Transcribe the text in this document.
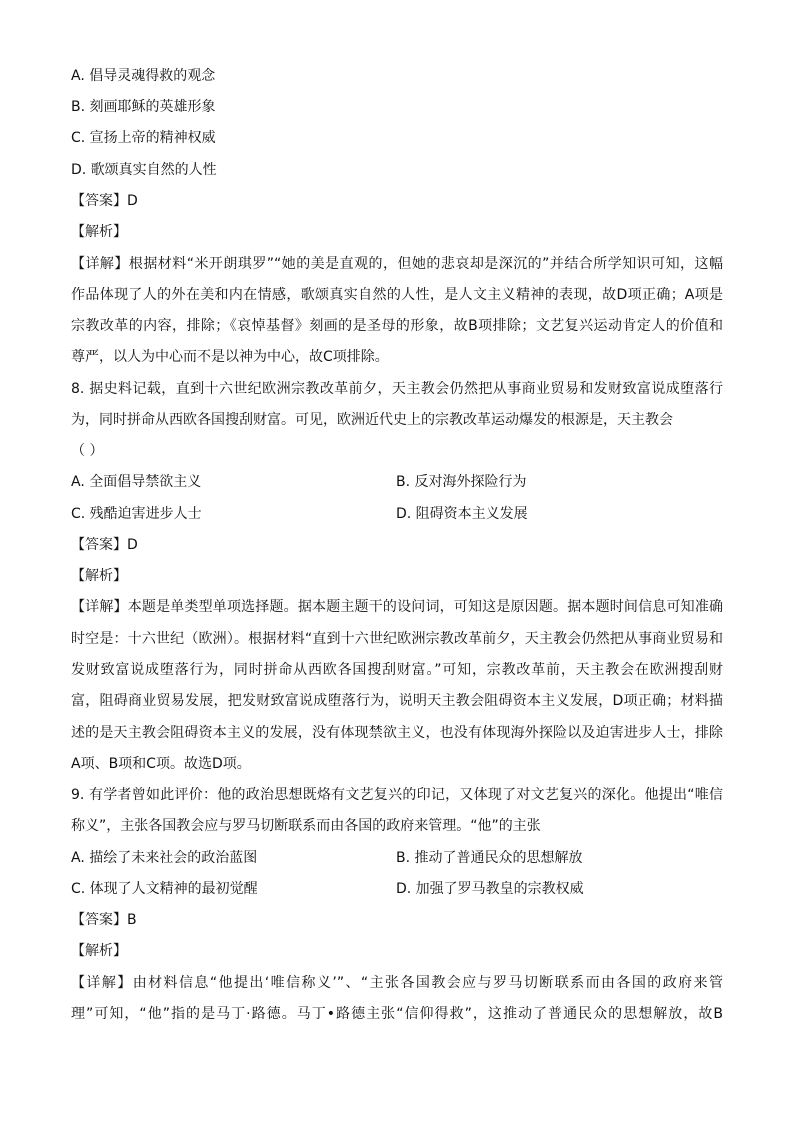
A. 倡导灵魂得救的观念
B. 刻画耶稣的英雄形象
C. 宣扬上帝的精神权威
D. 歌颂真实自然的人性
【答案】D
【解析】
【详解】根据材料“米开朗琪罗”“她的美是直观的，但她的悲哀却是深沉的”并结合所学知识可知，这幅
作品体现了人的外在美和内在情感，歌颂真实自然的人性，是人文主义精神的表现，故D项正确；A项是
宗教改革的内容，排除；《哀悼基督》刻画的是圣母的形象，故B项排除；文艺复兴运动肯定人的价值和
尊严，以人为中心而不是以神为中心，故C项排除。
8. 据史料记载，直到十六世纪欧洲宗教改革前夕，天主教会仍然把从事商业贸易和发财致富说成堕落行
为，同时拼命从西欧各国搜刮财富。可见，欧洲近代史上的宗教改革运动爆发的根源是，天主教会
（ ）
A. 全面倡导禁欲主义	B. 反对海外探险行为
C. 残酷迫害进步人士	D. 阻碍资本主义发展
【答案】D
【解析】
【详解】本题是单类型单项选择题。据本题主题干的设问词，可知这是原因题。据本题时间信息可知准确
时空是：十六世纪（欧洲）。根据材料“直到十六世纪欧洲宗教改革前夕，天主教会仍然把从事商业贸易和
发财致富说成堕落行为，同时拼命从西欧各国搜刮财富。”可知，宗教改革前，天主教会在欧洲搜刮财
富，阻碍商业贸易发展，把发财致富说成堕落行为，说明天主教会阻碍资本主义发展，D项正确；材料描
述的是天主教会阻碍资本主义的发展，没有体现禁欲主义，也没有体现海外探险以及迫害进步人士，排除
A项、B项和C项。故选D项。
9. 有学者曾如此评价：他的政治思想既烙有文艺复兴的印记，又体现了对文艺复兴的深化。他提出“唯信
称义”，主张各国教会应与罗马切断联系而由各国的政府来管理。“他”的主张
A. 描绘了未来社会的政治蓝图	B. 推动了普通民众的思想解放
C. 体现了人文精神的最初觉醒	D. 加强了罗马教皇的宗教权威
【答案】B
【解析】
【详解】由材料信息“他提出‘唯信称义’”、“主张各国教会应与罗马切断联系而由各国的政府来管
理”可知，“他”指的是马丁·路德。马丁•路德主张“信仰得救”，这推动了普通民众的思想解放，故B
